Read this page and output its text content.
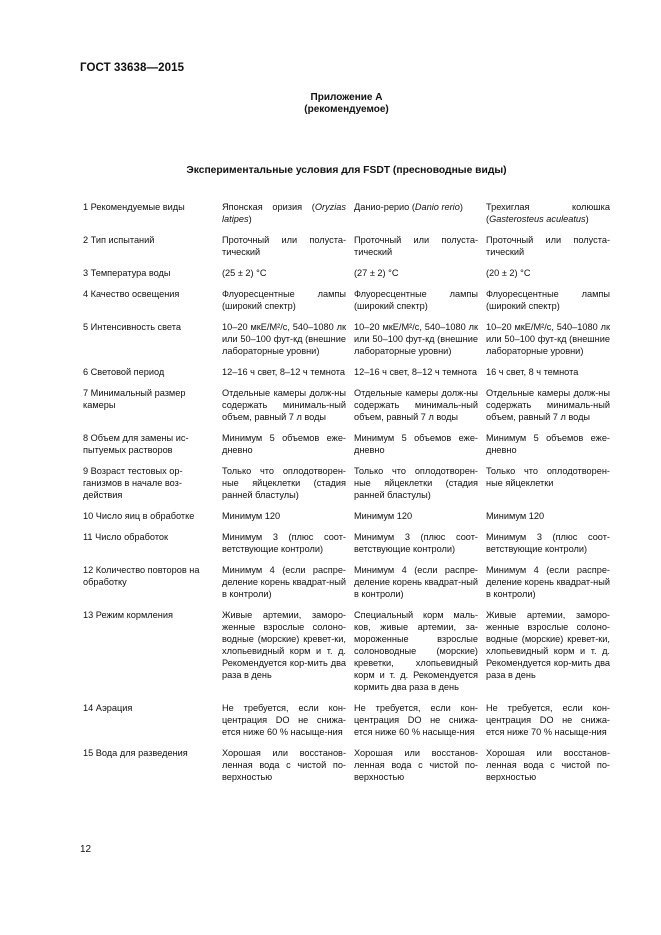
ГОСТ 33638—2015
Приложение А
(рекомендуемое)
Экспериментальные условия для FSDT (пресноводные виды)
1 Рекомендуемые виды	Японская оризия (Oryzias latipes)	Данио-рерио (Danio rerio)	Трехиглая колюшка (Gasterosteus aculeatus)
2 Тип испытаний	Проточный или полуста-тический	Проточный или полуста-тический	Проточный или полуста-тический
3 Температура воды	(25 ± 2) °С	(27 ± 2) °С	(20 ± 2) °С
4 Качество освещения	Флуоресцентные лампы (широкий спектр)	Флуоресцентные лампы (широкий спектр)	Флуоресцентные лампы (широкий спектр)
5 Интенсивность света	10–20 мкЕ/М²/с, 540–1080 лк или 50–100 фут-кд (внешние лабораторные уровни)	10–20 мкЕ/М²/с, 540–1080 лк или 50–100 фут-кд (внешние лабораторные уровни)	10–20 мкЕ/М²/с, 540–1080 лк или 50–100 фут-кд (внешние лабораторные уровни)
6 Световой период	12–16 ч свет, 8–12 ч темнота	12–16 ч свет, 8–12 ч темнота	16 ч свет, 8 ч темнота
7 Минимальный размер камеры	Отдельные камеры долж-ны содержать минималь-ный объем, равный 7 л воды	Отдельные камеры долж-ны содержать минималь-ный объем, равный 7 л воды	Отдельные камеры долж-ны содержать минималь-ный объем, равный 7 л воды
8 Объем для замены ис-пытуемых растворов	Минимум 5 объемов еже-дневно	Минимум 5 объемов еже-дневно	Минимум 5 объемов еже-дневно
9 Возраст тестовых ор-ганизмов в начале воз-действия	Только что оплодотворен-ные яйцеклетки (стадия ранней бластулы)	Только что оплодотворен-ные яйцеклетки (стадия ранней бластулы)	Только что оплодотворен-ные яйцеклетки
10 Число яиц в обработке	Минимум 120	Минимум 120	Минимум 120
11 Число обработок	Минимум 3 (плюс соот-ветствующие контроли)	Минимум 3 (плюс соот-ветствующие контроли)	Минимум 3 (плюс соот-ветствующие контроли)
12 Количество повторов на обработку	Минимум 4 (если распре-деление корень квадрат-ный в контроли)	Минимум 4 (если распре-деление корень квадрат-ный в контроли)	Минимум 4 (если распре-деление корень квадрат-ный в контроли)
13 Режим кормления	Живые артемии, заморо-женные взрослые солоно-водные (морские) кревет-ки, хлопьевидный корм и т. д. Рекомендуется кор-мить два раза в день	Специальный корм маль-ков, живые артемии, за-мороженные взрослые солоноводные (морские) креветки, хлопьевидный корм и т. д. Рекомендуется кормить два раза в день	Живые артемии, заморо-женные взрослые солоно-водные (морские) кревет-ки, хлопьевидный корм и т. д. Рекомендуется кор-мить два раза в день
14 Аэрация	Не требуется, если кон-центрация DO не снижа-ется ниже 60 % насыще-ния	Не требуется, если кон-центрация DO не снижа-ется ниже 60 % насыще-ния	Не требуется, если кон-центрация DO не снижа-ется ниже 70 % насыще-ния
15 Вода для разведения	Хорошая или восстанов-ленная вода с чистой по-верхностью	Хорошая или восстанов-ленная вода с чистой по-верхностью	Хорошая или восстанов-ленная вода с чистой по-верхностью
12
